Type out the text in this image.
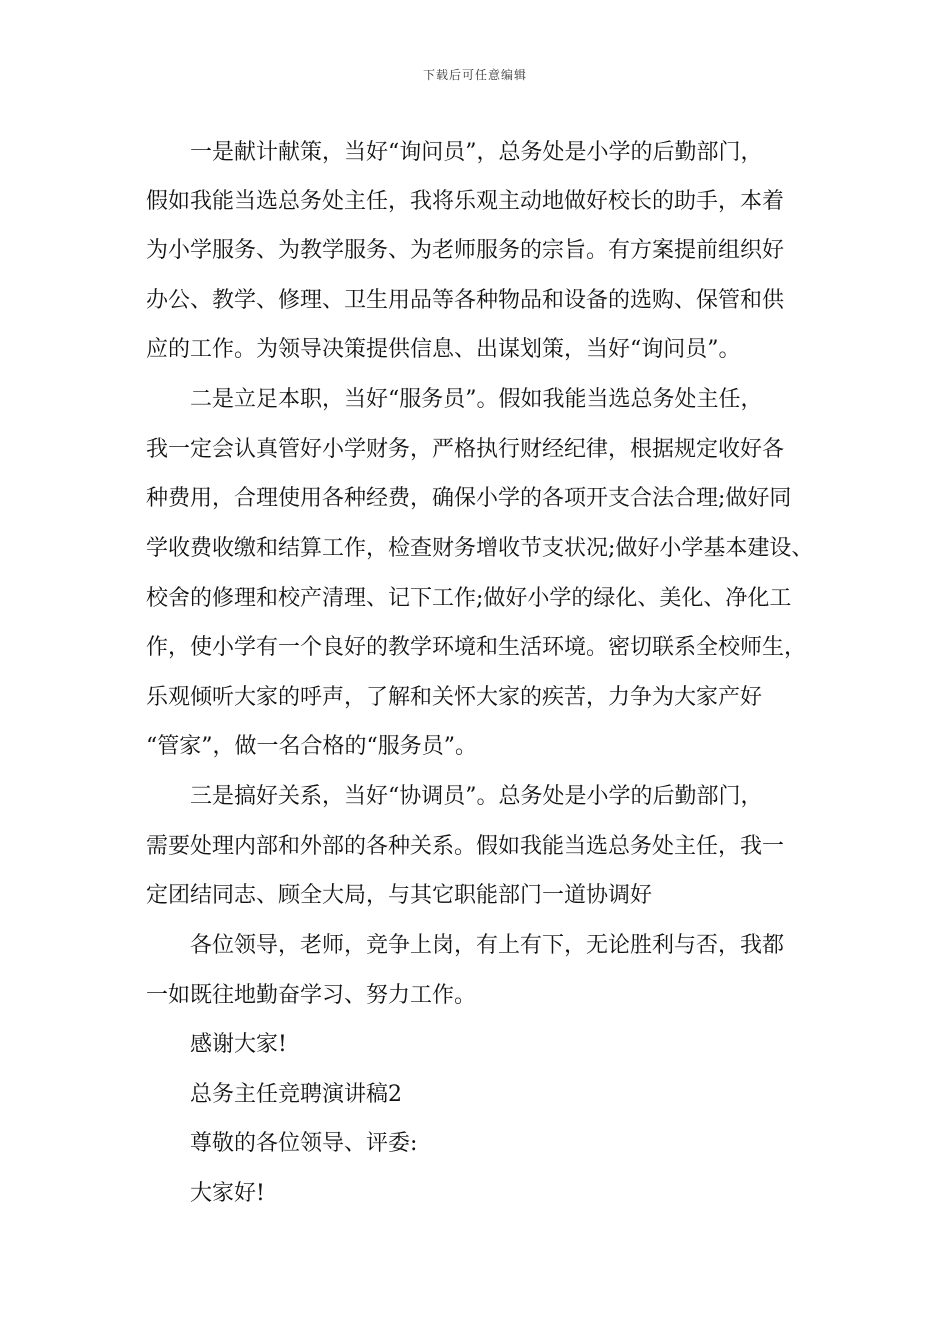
下载后可任意编辑
一是献计献策，当好“询问员”，总务处是小学的后勤部门，
假如我能当选总务处主任，我将乐观主动地做好校长的助手，本着
为小学服务、为教学服务、为老师服务的宗旨。有方案提前组织好
办公、教学、修理、卫生用品等各种物品和设备的选购、保管和供
应的工作。为领导决策提供信息、出谋划策，当好“询问员”。
二是立足本职，当好“服务员”。假如我能当选总务处主任，
我一定会认真管好小学财务，严格执行财经纪律，根据规定收好各
种费用，合理使用各种经费，确保小学的各项开支合法合理;做好同
学收费收缴和结算工作，检查财务增收节支状况;做好小学基本建设、
校舍的修理和校产清理、记下工作;做好小学的绿化、美化、净化工
作，使小学有一个良好的教学环境和生活环境。密切联系全校师生，
乐观倾听大家的呼声，了解和关怀大家的疾苦，力争为大家产好
“管家”，做一名合格的“服务员”。
三是搞好关系，当好“协调员”。总务处是小学的后勤部门，
需要处理内部和外部的各种关系。假如我能当选总务处主任，我一
定团结同志、顾全大局，与其它职能部门一道协调好
各位领导，老师，竞争上岗，有上有下，无论胜利与否，我都
一如既往地勤奋学习、努力工作。
感谢大家!
总务主任竞聘演讲稿2
尊敬的各位领导、评委:
大家好!
